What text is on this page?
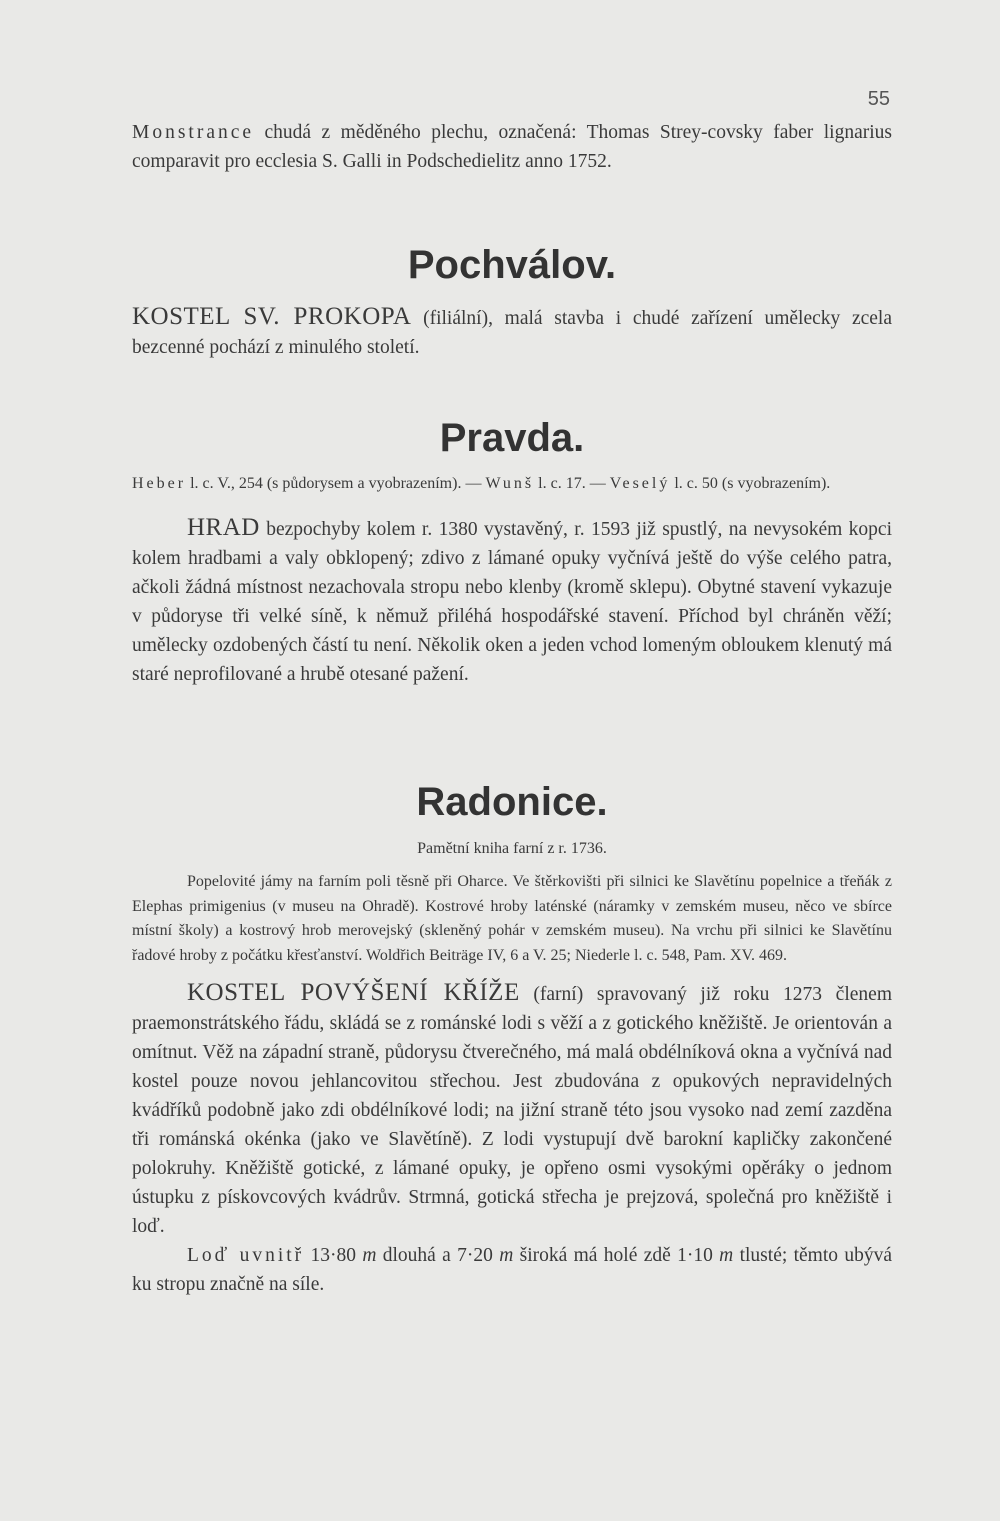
55

Monstrance chudá z měděného plechu, označená: Thomas Strey-covsky faber lignarius comparavit pro ecclesia S. Galli in Podschedielitz anno 1752.

Pochválov.

KOSTEL SV. PROKOPA (filiální), malá stavba i chudé zařízení umělecky zcela bezcenné pochází z minulého století.

Pravda.

Heber l. c. V., 254 (s půdorysem a vyobrazením). — Wunš l. c. 17. — Veselý l. c. 50 (s vyobrazením).

HRAD bezpochyby kolem r. 1380 vystavěný, r. 1593 již spustlý, na nevysokém kopci kolem hradbami a valy obklopený; zdivo z lámané opuky vyčnívá ještě do výše celého patra, ačkoli žádná místnost nezachovala stropu nebo klenby (kromě sklepu). Obytné stavení vykazuje v půdoryse tři velké síně, k němuž přiléhá hospodářské stavení. Příchod byl chráněn věží; umělecky ozdobených částí tu není. Několik oken a jeden vchod lomeným obloukem klenutý má staré neprofilované a hrubě otesané pažení.

Radonice.

Pamětní kniha farní z r. 1736.

Popelovité jámy na farním poli těsně při Oharce. Ve štěrkovišti při silnici ke Slavětínu popelnice a třeňák z Elephas primigenius (v museu na Ohradě). Kostrové hroby laténské (náramky v zemském museu, něco ve sbírce místní školy) a kostrový hrob merovejský (skleněný pohár v zemském museu). Na vrchu při silnici ke Slavětínu řadové hroby z počátku křesťanství. Woldřich Beiträge IV, 6 a V. 25; Niederle l. c. 548, Pam. XV. 469.

KOSTEL POVÝŠENÍ KŘÍŽE (farní) spravovaný již roku 1273 členem praemonstrátského řádu, skládá se z románské lodi s věží a z gotického kněžiště. Je orientován a omítnut. Věž na západní straně, půdorysu čtverečného, má malá obdélníková okna a vyčnívá nad kostel pouze novou jehlancovitou střechou. Jest zbudována z opukových nepravidelných kvádříků podobně jako zdi obdélníkové lodi; na jižní straně této jsou vysoko nad zemí zazděna tři románská okénka (jako ve Slavětíně). Z lodi vystupují dvě barokní kapličky zakončené polokruhy. Kněžiště gotické, z lámané opuky, je opřeno osmi vysokými opěráky o jednom ústupku z pískovcových kvádrův. Strmná, gotická střecha je prejzová, společná pro kněžiště i loď.

Loď uvnitř 13·80 m dlouhá a 7·20 m široká má holé zdě 1·10 m tlusté; těmto ubývá ku stropu značně na síle.
